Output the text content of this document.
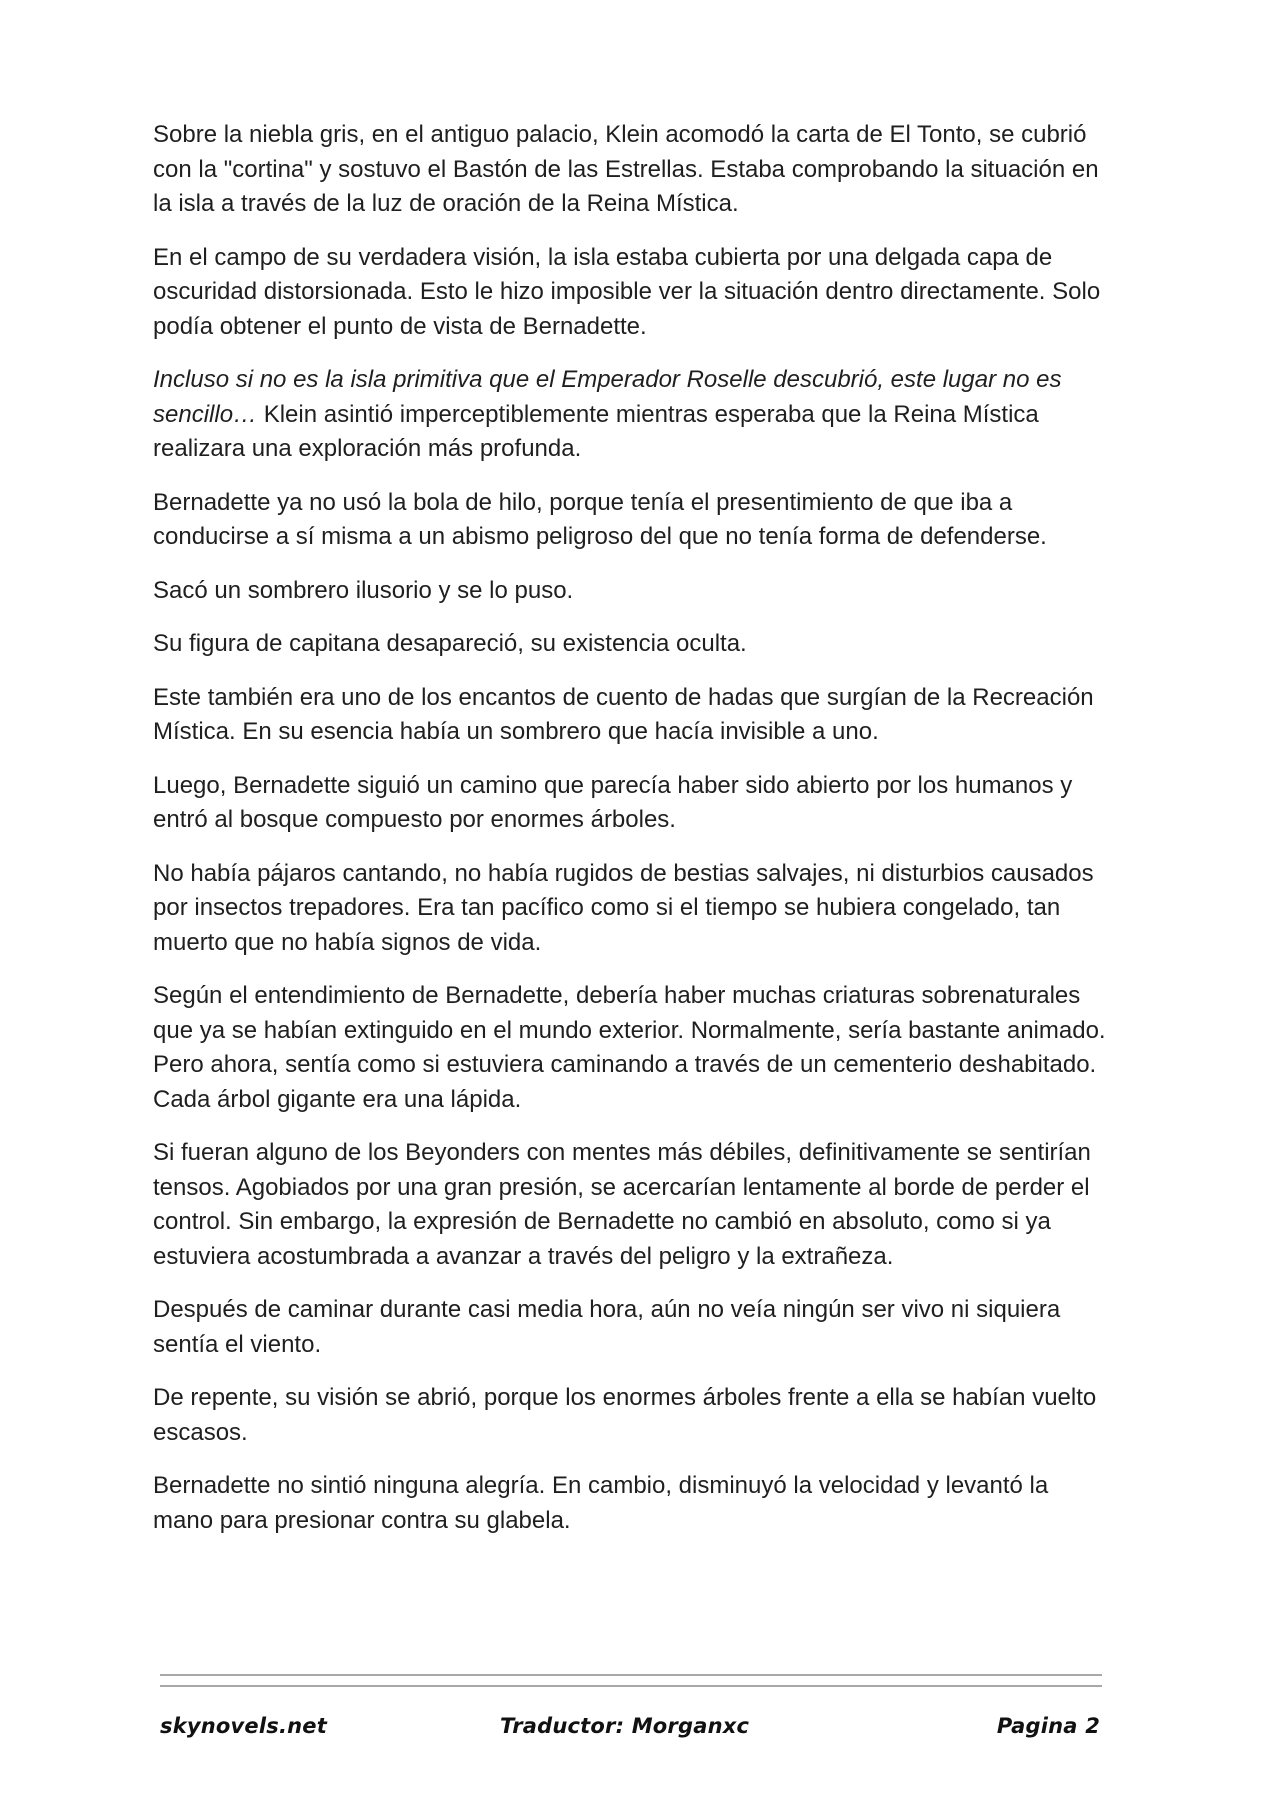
Sobre la niebla gris, en el antiguo palacio, Klein acomodó la carta de El Tonto, se cubrió con la "cortina" y sostuvo el Bastón de las Estrellas. Estaba comprobando la situación en la isla a través de la luz de oración de la Reina Mística.

En el campo de su verdadera visión, la isla estaba cubierta por una delgada capa de oscuridad distorsionada. Esto le hizo imposible ver la situación dentro directamente. Solo podía obtener el punto de vista de Bernadette.

Incluso si no es la isla primitiva que el Emperador Roselle descubrió, este lugar no es sencillo… Klein asintió imperceptiblemente mientras esperaba que la Reina Mística realizara una exploración más profunda.

Bernadette ya no usó la bola de hilo, porque tenía el presentimiento de que iba a conducirse a sí misma a un abismo peligroso del que no tenía forma de defenderse.

Sacó un sombrero ilusorio y se lo puso.

Su figura de capitana desapareció, su existencia oculta.

Este también era uno de los encantos de cuento de hadas que surgían de la Recreación Mística. En su esencia había un sombrero que hacía invisible a uno.

Luego, Bernadette siguió un camino que parecía haber sido abierto por los humanos y entró al bosque compuesto por enormes árboles.

No había pájaros cantando, no había rugidos de bestias salvajes, ni disturbios causados por insectos trepadores. Era tan pacífico como si el tiempo se hubiera congelado, tan muerto que no había signos de vida.

Según el entendimiento de Bernadette, debería haber muchas criaturas sobrenaturales que ya se habían extinguido en el mundo exterior. Normalmente, sería bastante animado. Pero ahora, sentía como si estuviera caminando a través de un cementerio deshabitado. Cada árbol gigante era una lápida.

Si fueran alguno de los Beyonders con mentes más débiles, definitivamente se sentirían tensos. Agobiados por una gran presión, se acercarían lentamente al borde de perder el control. Sin embargo, la expresión de Bernadette no cambió en absoluto, como si ya estuviera acostumbrada a avanzar a través del peligro y la extrañeza.

Después de caminar durante casi media hora, aún no veía ningún ser vivo ni siquiera sentía el viento.

De repente, su visión se abrió, porque los enormes árboles frente a ella se habían vuelto escasos.

Bernadette no sintió ninguna alegría. En cambio, disminuyó la velocidad y levantó la mano para presionar contra su glabela.

skynovels.net	Traductor: Morganxc	Pagina 2
